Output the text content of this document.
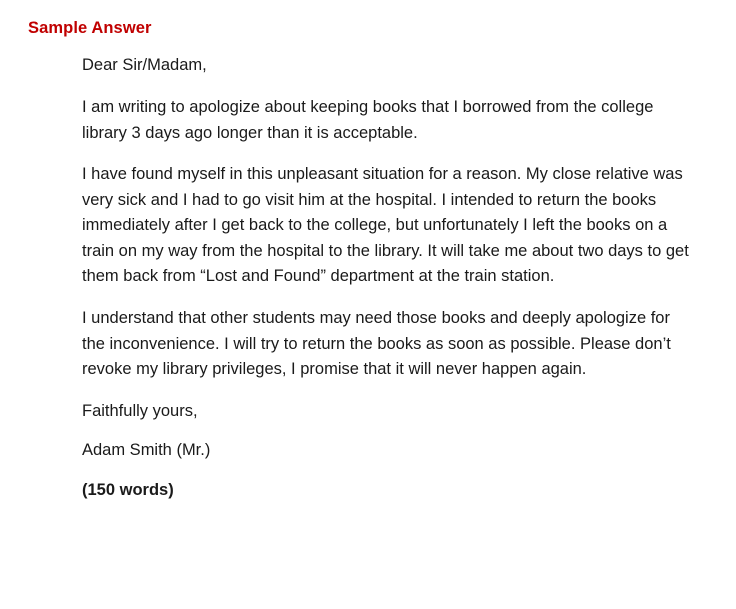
Sample Answer

Dear Sir/Madam,

I am writing to apologize about keeping books that I borrowed from the college library 3 days ago longer than it is acceptable.

I have found myself in this unpleasant situation for a reason. My close relative was very sick and I had to go visit him at the hospital. I intended to return the books immediately after I get back to the college, but unfortunately I left the books on a train on my way from the hospital to the library. It will take me about two days to get them back from “Lost and Found” department at the train station.

I understand that other students may need those books and deeply apologize for the inconvenience. I will try to return the books as soon as possible. Please don’t revoke my library privileges, I promise that it will never happen again.

Faithfully yours,

Adam Smith (Mr.)

(150 words)
